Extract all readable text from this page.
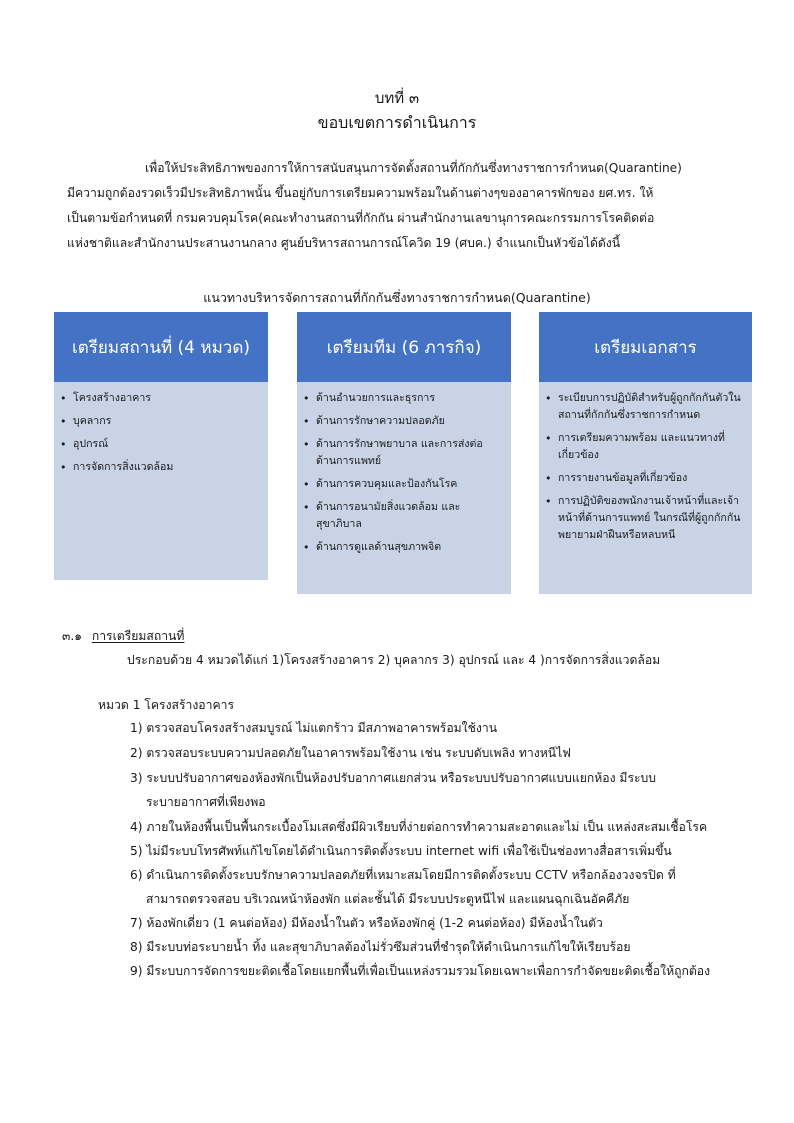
บทที่ ๓
ขอบเขตการดำเนินการ
เพื่อให้ประสิทธิภาพของการให้การสนับสนุนการจัดตั้งสถานที่กักกันซึ่งทางราชการกำหนด(Quarantine)
มีความถูกต้องรวดเร็วมีประสิทธิภาพนั้น ขึ้นอยู่กับการเตรียมความพร้อมในด้านต่างๆของอาคารพักของ ยศ.ทร. ให้
เป็นตามข้อกำหนดที่ กรมควบคุมโรค(คณะทำงานสถานที่กักกัน ผ่านสำนักงานเลขานุการคณะกรรมการโรคติดต่อ
แห่งชาติและสำนักงานประสานงานกลาง ศูนย์บริหารสถานการณ์โควิด 19 (ศบค.) จำแนกเป็นหัวข้อได้ดังนี้
แนวทางบริหารจัดการสถานที่กักกันซึ่งทางราชการกำหนด(Quarantine)
เตรียมสถานที่ (4 หมวด)
• โครงสร้างอาคาร
• บุคลากร
• อุปกรณ์
• การจัดการสิ่งแวดล้อม
เตรียมทีม (6 ภารกิจ)
• ด้านอำนวยการและธุรการ
• ด้านการรักษาความปลอดภัย
• ด้านการรักษาพยาบาล และการส่งต่อด้านการแพทย์
• ด้านการควบคุมและป้องกันโรค
• ด้านการอนามัยสิ่งแวดล้อม และสุขาภิบาล
• ด้านการดูแลด้านสุขภาพจิต
เตรียมเอกสาร
• ระเบียบการปฏิบัติสำหรับผู้ถูกกักกันตัวในสถานที่กักกันซึ่งราชการกำหนด
• การเตรียมความพร้อม และแนวทางที่เกี่ยวข้อง
• การรายงานข้อมูลที่เกี่ยวข้อง
• การปฏิบัติของพนักงานเจ้าหน้าที่และเจ้าหน้าที่ด้านการแพทย์ ในกรณีที่ผู้ถูกกักกันพยายามฝ่าฝืนหรือหลบหนี
๓.๑ การเตรียมสถานที่
ประกอบด้วย 4 หมวดได้แก่ 1)โครงสร้างอาคาร 2) บุคลากร 3) อุปกรณ์ และ 4 )การจัดการสิ่งแวดล้อม
หมวด 1 โครงสร้างอาคาร
1) ตรวจสอบโครงสร้างสมบูรณ์ ไม่แตกร้าว มีสภาพอาคารพร้อมใช้งาน
2) ตรวจสอบระบบความปลอดภัยในอาคารพร้อมใช้งาน เช่น ระบบดับเพลิง ทางหนีไฟ
3) ระบบปรับอากาศของห้องพักเป็นห้องปรับอากาศแยกส่วน หรือระบบปรับอากาศแบบแยกห้อง มีระบบ
ระบายอากาศที่เพียงพอ
4) ภายในห้องพื้นเป็นพื้นกระเบื้องโมเสดซึ่งมีผิวเรียบที่ง่ายต่อการทำความสะอาดและไม่ เป็น แหล่งสะสมเชื้อโรค
5) ไม่มีระบบโทรศัพท์แก้ไขโดยได้ดำเนินการติดตั้งระบบ internet wifi เพื่อใช้เป็นช่องทางสื่อสารเพิ่มขึ้น
6) ดำเนินการติดตั้งระบบรักษาความปลอดภัยที่เหมาะสมโดยมีการติดตั้งระบบ CCTV หรือกล้องวงจรปิด ที่
สามารถตรวจสอบ บริเวณหน้าห้องพัก แต่ละชั้นได้ มีระบบประตูหนีไฟ และแผนฉุกเฉินอัคคีภัย
7) ห้องพักเดี่ยว (1 คนต่อห้อง) มีห้องน้ำในตัว หรือห้องพักคู่ (1-2 คนต่อห้อง) มีห้องน้ำในตัว
8) มีระบบท่อระบายน้ำ ทิ้ง และสุขาภิบาลต้องไม่รั่วซึมส่วนที่ชำรุดให้ดำเนินการแก้ไขให้เรียบร้อย
9) มีระบบการจัดการขยะติดเชื้อโดยแยกพื้นที่เพื่อเป็นแหล่งรวมรวมโดยเฉพาะเพื่อการกำจัดขยะติดเชื้อให้ถูกต้อง
